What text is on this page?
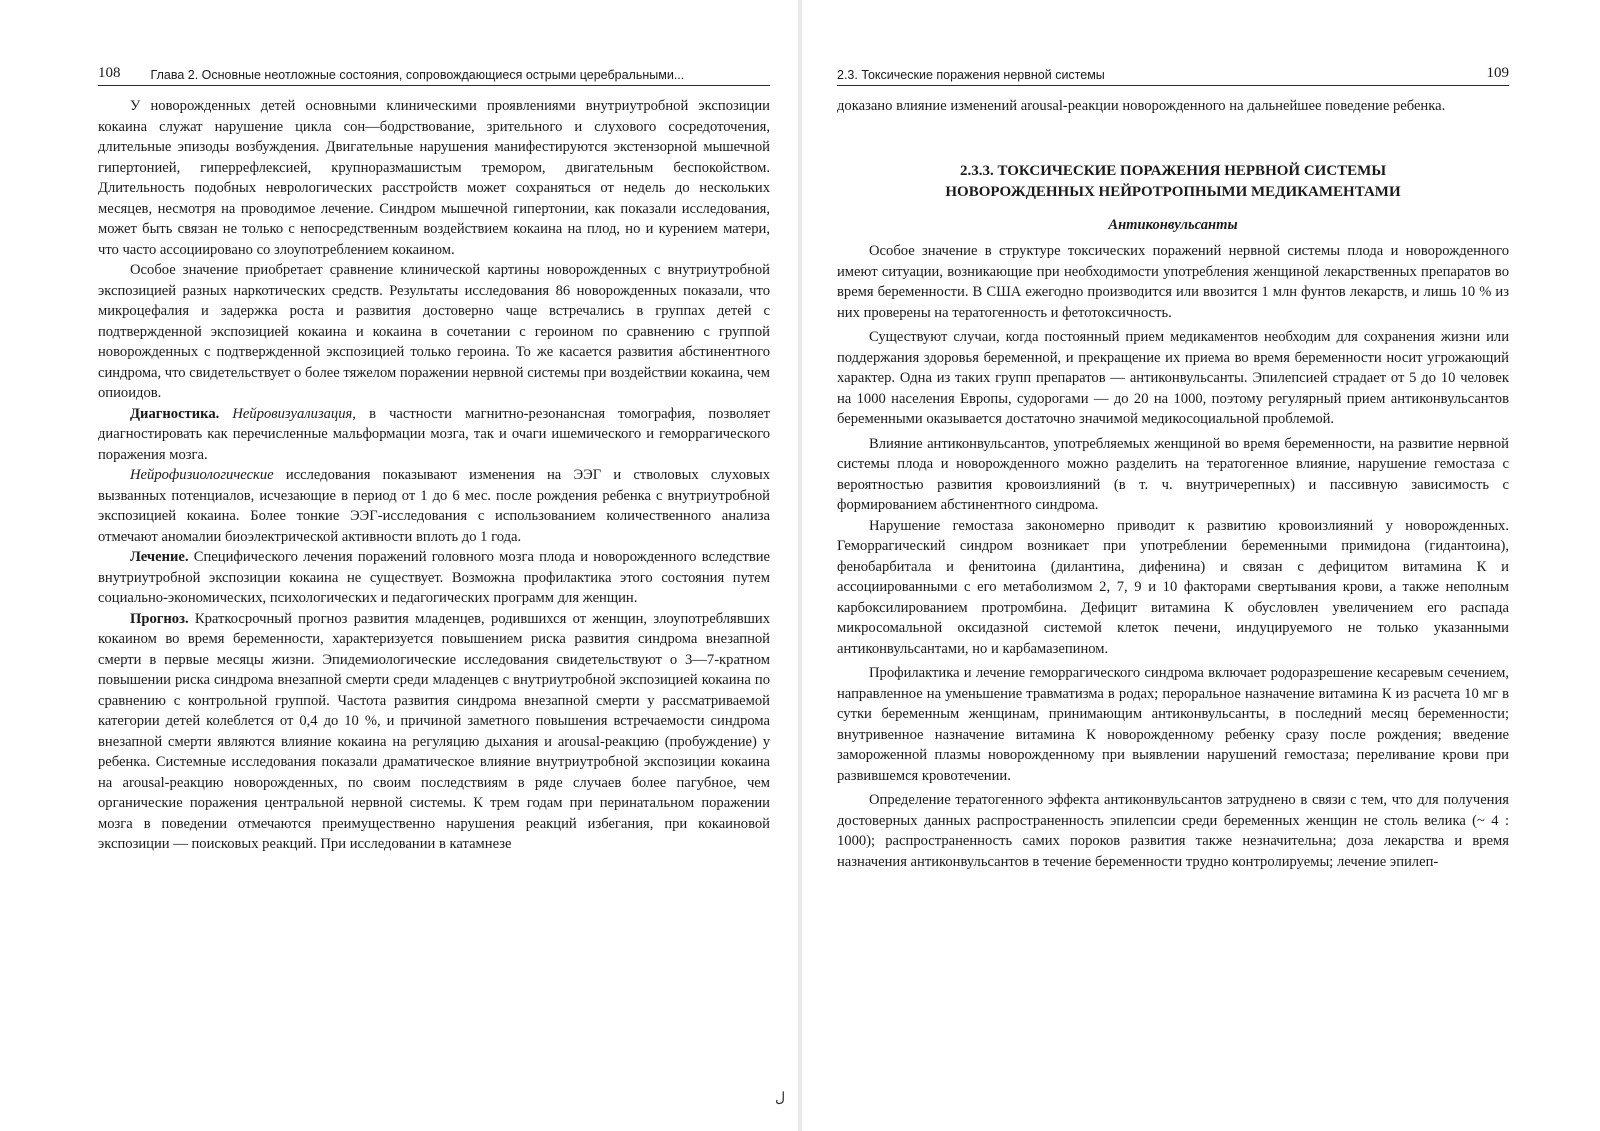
108 Глава 2. Основные неотложные состояния, сопровождающиеся острыми церебральными...

У новорожденных детей основными клиническими проявлениями внутриутробной экспозиции кокаина служат нарушение цикла сон—бодрствование, зрительного и слухового сосредоточения, длительные эпизоды возбуждения. Двигательные нарушения манифестируются экстензорной мышечной гипертонией, гиперрефлексией, крупноразмашистым тремором, двигательным беспокойством. Длительность подобных неврологических расстройств может сохраняться от недель до нескольких месяцев, несмотря на проводимое лечение. Синдром мышечной гипертонии, как показали исследования, может быть связан не только с непосредственным воздействием кокаина на плод, но и курением матери, что часто ассоциировано со злоупотреблением кокаином.

Особое значение приобретает сравнение клинической картины новорожденных с внутриутробной экспозицией разных наркотических средств. Результаты исследования 86 новорожденных показали, что микроцефалия и задержка роста и развития достоверно чаще встречались в группах детей с подтвержденной экспозицией кокаина и кокаина в сочетании с героином по сравнению с группой новорожденных с подтвержденной экспозицией только героина. То же касается развития абстинентного синдрома, что свидетельствует о более тяжелом поражении нервной системы при воздействии кокаина, чем опиоидов.

Диагностика. Нейровизуализация, в частности магнитно-резонансная томография, позволяет диагностировать как перечисленные мальформации мозга, так и очаги ишемического и геморрагического поражения мозга.

Нейрофизиологические исследования показывают изменения на ЭЭГ и стволовых слуховых вызванных потенциалов, исчезающие в период от 1 до 6 мес. после рождения ребенка с внутриутробной экспозицией кокаина. Более тонкие ЭЭГ-исследования с использованием количественного анализа отмечают аномалии биоэлектрической активности вплоть до 1 года.

Лечение. Специфического лечения поражений головного мозга плода и новорожденного вследствие внутриутробной экспозиции кокаина не существует. Возможна профилактика этого состояния путем социально-экономических, психологических и педагогических программ для женщин.

Прогноз. Краткосрочный прогноз развития младенцев, родившихся от женщин, злоупотреблявших кокаином во время беременности, характеризуется повышением риска развития синдрома внезапной смерти в первые месяцы жизни. Эпидемиологические исследования свидетельствуют о 3—7-кратном повышении риска синдрома внезапной смерти среди младенцев с внутриутробной экспозицией кокаина по сравнению с контрольной группой. Частота развития синдрома внезапной смерти у рассматриваемой категории детей колеблется от 0,4 до 10 %, и причиной заметного повышения встречаемости синдрома внезапной смерти являются влияние кокаина на регуляцию дыхания и arousal-реакцию (пробуждение) у ребенка. Системные исследования показали драматическое влияние внутриутробной экспозиции кокаина на arousal-реакцию новорожденных, по своим последствиям в ряде случаев более пагубное, чем органические поражения центральной нервной системы. К трем годам при перинатальном поражении мозга в поведении отмечаются преимущественно нарушения реакций избегания, при кокаиновой экспозиции — поисковых реакций. При исследовании в катамнезе

2.3. Токсические поражения нервной системы	109

доказано влияние изменений arousal-реакции новорожденного на дальнейшее поведение ребенка.

2.3.3. ТОКСИЧЕСКИЕ ПОРАЖЕНИЯ НЕРВНОЙ СИСТЕМЫ
НОВОРОЖДЕННЫХ НЕЙРОТРОПНЫМИ МЕДИКАМЕНТАМИ
Антиконвульсанты

Особое значение в структуре токсических поражений нервной системы плода и новорожденного имеют ситуации, возникающие при необходимости употребления женщиной лекарственных препаратов во время беременности. В США ежегодно производится или ввозится 1 млн фунтов лекарств, и лишь 10 % из них проверены на тератогенность и фетотоксичность.

Существуют случаи, когда постоянный прием медикаментов необходим для сохранения жизни или поддержания здоровья беременной, и прекращение их приема во время беременности носит угрожающий характер. Одна из таких групп препаратов — антиконвульсанты. Эпилепсией страдает от 5 до 10 человек на 1000 населения Европы, судорогами — до 20 на 1000, поэтому регулярный прием антиконвульсантов беременными оказывается достаточно значимой медикосоциальной проблемой.

Влияние антиконвульсантов, употребляемых женщиной во время беременности, на развитие нервной системы плода и новорожденного можно разделить на тератогенное влияние, нарушение гемостаза с вероятностью развития кровоизлияний (в т. ч. внутричерепных) и пассивную зависимость с формированием абстинентного синдрома.

Нарушение гемостаза закономерно приводит к развитию кровоизлияний у новорожденных. Геморрагический синдром возникает при употреблении беременными примидона (гидантоина), фенобарбитала и фенитоина (дилантина, дифенина) и связан с дефицитом витамина К и ассоциированными с его метаболизмом 2, 7, 9 и 10 факторами свертывания крови, а также неполным карбоксилированием протромбина. Дефицит витамина К обусловлен увеличением его распада микросомальной оксидазной системой клеток печени, индуцируемого не только указанными антиконвульсантами, но и карбамазепином.

Профилактика и лечение геморрагического синдрома включает родоразрешение кесаревым сечением, направленное на уменьшение травматизма в родах; пероральное назначение витамина К из расчета 10 мг в сутки беременным женщинам, принимающим антиконвульсанты, в последний месяц беременности; внутривенное назначение витамина К новорожденному ребенку сразу после рождения; введение замороженной плазмы новорожденному при выявлении нарушений гемостаза; переливание крови при развившемся кровотечении.

Определение тератогенного эффекта антиконвульсантов затруднено в связи с тем, что для получения достоверных данных распространенность эпилепсии среди беременных женщин не столь велика (~ 4 : 1000); распространенность самих пороков развития также незначительна; доза лекарства и время назначения антиконвульсантов в течение беременности трудно контролируемы; лечение эпилеп-

ل
